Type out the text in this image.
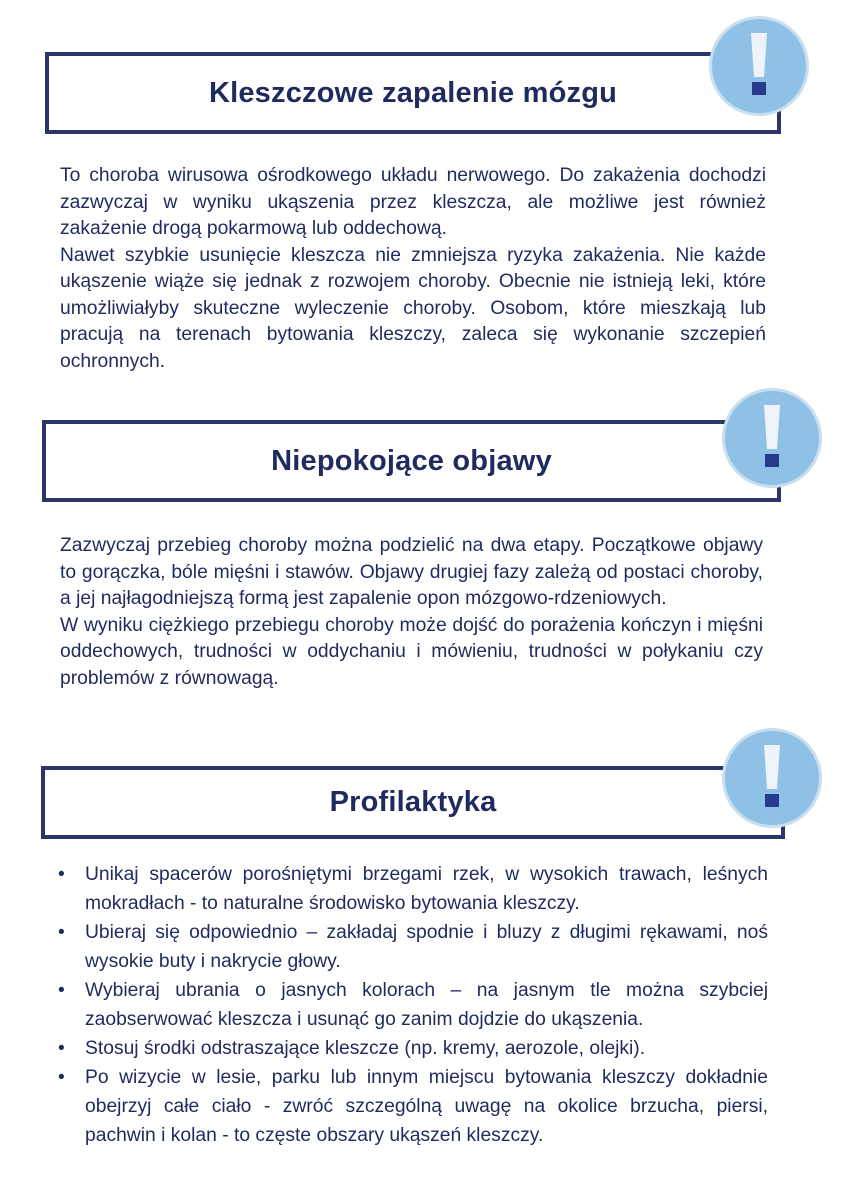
Kleszczowe zapalenie mózgu
To choroba wirusowa ośrodkowego układu nerwowego. Do zakażenia dochodzi zazwyczaj w wyniku ukąszenia przez kleszcza, ale możliwe jest również zakażenie drogą pokarmową lub oddechową.
Nawet szybkie usunięcie kleszcza nie zmniejsza ryzyka zakażenia. Nie każde ukąszenie wiąże się jednak z rozwojem choroby. Obecnie nie istnieją leki, które umożliwiałyby skuteczne wyleczenie choroby. Osobom, które mieszkają lub pracują na terenach bytowania kleszczy, zaleca się wykonanie szczepień ochronnych.
Niepokojące objawy
Zazwyczaj przebieg choroby można podzielić na dwa etapy. Początkowe objawy to gorączka, bóle mięśni i stawów. Objawy drugiej fazy zależą od postaci choroby, a jej najłagodniejszą formą jest zapalenie opon mózgowo-rdzeniowych.
W wyniku ciężkiego przebiegu choroby może dojść do porażenia kończyn i mięśni oddechowych, trudności w oddychaniu i mówieniu, trudności w połykaniu czy problemów z równowagą.
Profilaktyka
•	Unikaj spacerów porośniętymi brzegami rzek, w wysokich trawach, leśnych mokradłach - to naturalne środowisko bytowania kleszczy.
•	Ubieraj się odpowiednio – zakładaj spodnie i bluzy z długimi rękawami, noś wysokie buty i nakrycie głowy.
•	Wybieraj ubrania o jasnych kolorach – na jasnym tle można szybciej zaobserwować kleszcza i usunąć go zanim dojdzie do ukąszenia.
•	Stosuj środki odstraszające kleszcze (np. kremy, aerozole, olejki).
•	Po wizycie w lesie, parku lub innym miejscu bytowania kleszczy dokładnie obejrzyj całe ciało - zwróć szczególną uwagę na okolice brzucha, piersi, pachwin i kolan - to częste obszary ukąszeń kleszczy.
